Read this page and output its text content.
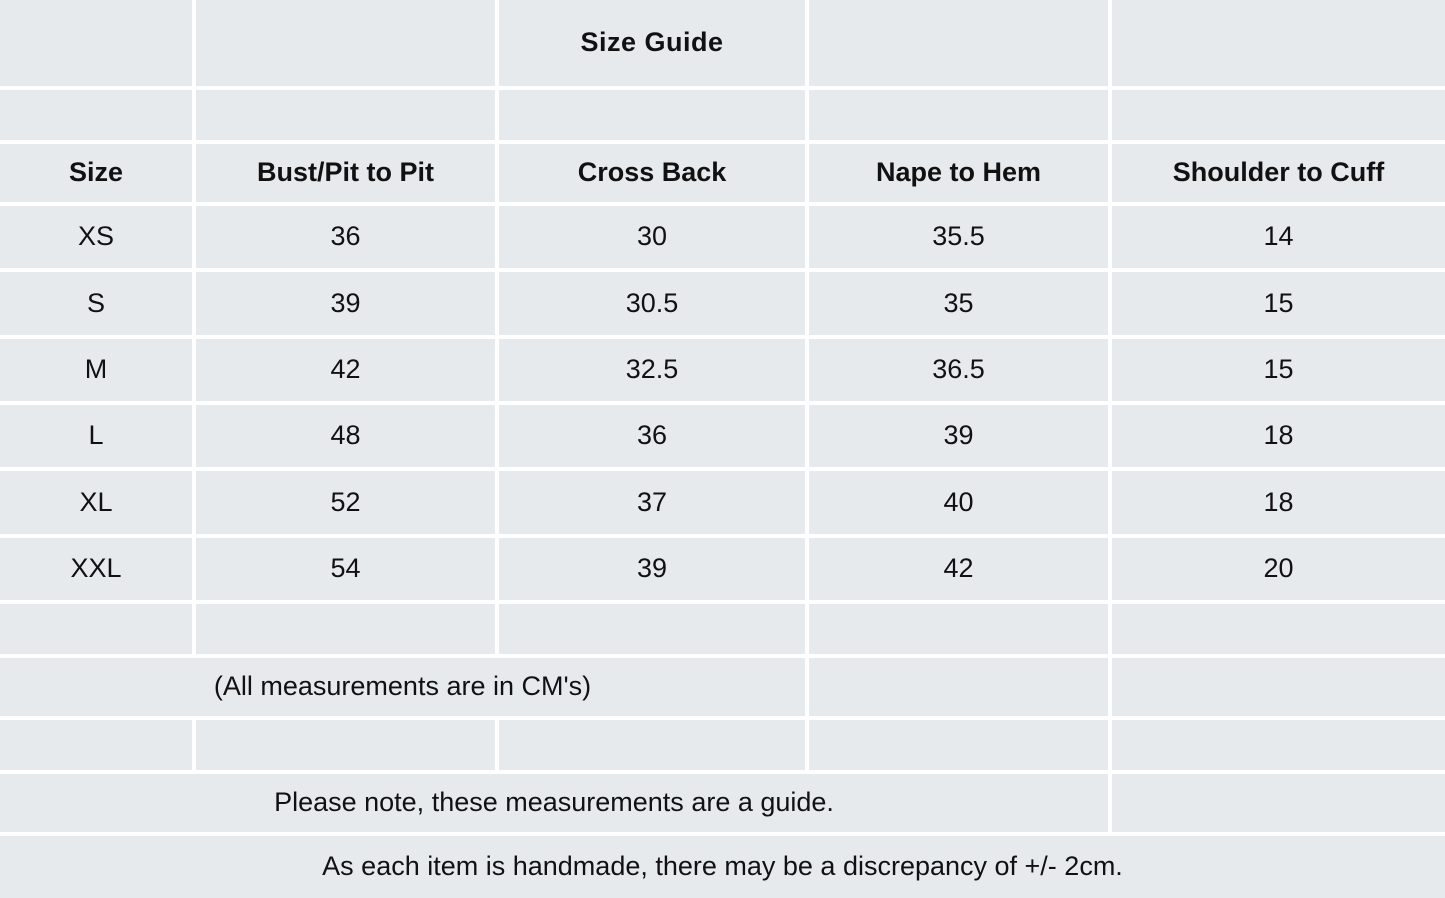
		Size Guide		

Size	Bust/Pit to Pit	Cross Back	Nape to Hem	Shoulder to Cuff
XS	36	30	35.5	14
S	39	30.5	35	15
M	42	32.5	36.5	15
L	48	36	39	18
XL	52	37	40	18
XXL	54	39	42	20

(All measurements are in CM's)				

Please note, these measurements are a guide.				
As each item is handmade, there may be a discrepancy of +/- 2cm.				
